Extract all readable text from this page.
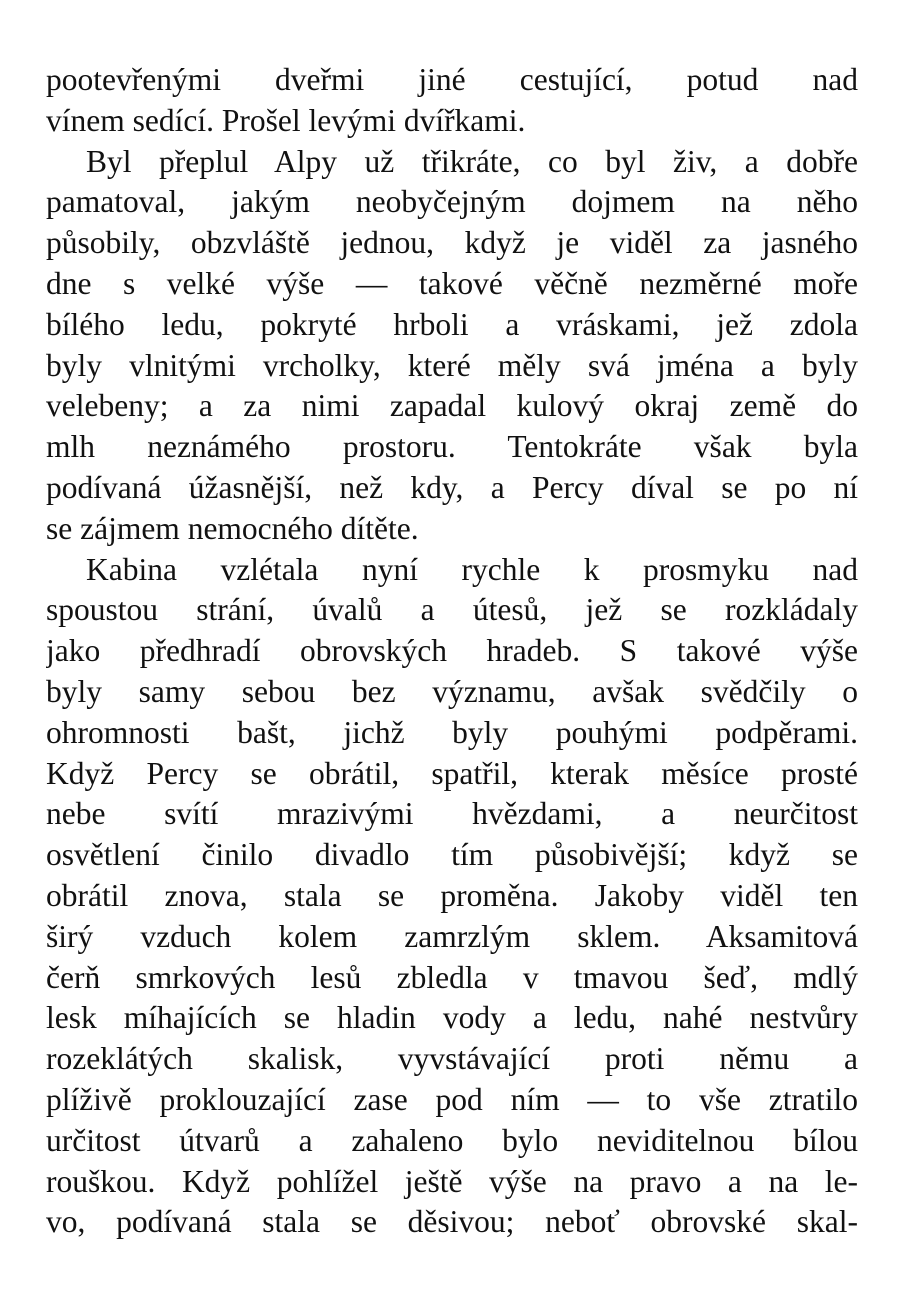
pootevřenými dveřmi jiné cestující, potud nad
vínem sedící. Prošel levými dvířkami.
Byl přeplul Alpy už třikráte, co byl živ, a dobře
pamatoval, jakým neobyčejným dojmem na něho
působily, obzvláště jednou, když je viděl za jasného
dne s velké výše — takové věčně nezměrné moře
bílého ledu, pokryté hrboli a vráskami, jež zdola
byly vlnitými vrcholky, které měly svá jména a byly
velebeny; a za nimi zapadal kulový okraj země do
mlh neznámého prostoru. Tentokráte však byla
podívaná úžasnější, než kdy, a Percy díval se po ní
se zájmem nemocného dítěte.
Kabina vzlétala nyní rychle k prosmyku nad
spoustou strání, úvalů a útesů, jež se rozkládaly
jako předhradí obrovských hradeb. S takové výše
byly samy sebou bez významu, avšak svědčily o
ohromnosti bašt, jichž byly pouhými podpěrami.
Když Percy se obrátil, spatřil, kterak měsíce prosté
nebe svítí mrazivými hvězdami, a neurčitost
osvětlení činilo divadlo tím působivější; když se
obrátil znova, stala se proměna. Jakoby viděl ten
širý vzduch kolem zamrzlým sklem. Aksamitová
čerň smrkových lesů zbledla v tmavou šeď, mdlý
lesk míhajících se hladin vody a ledu, nahé nestvůry
rozeklátých skalisk, vyvstávající proti němu a
plíživě proklouzající zase pod ním — to vše ztratilo
určitost útvarů a zahaleno bylo neviditelnou bílou
rouškou. Když pohlížel ještě výše na pravo a na le-
vo, podívaná stala se děsivou; neboť obrovské skal-
